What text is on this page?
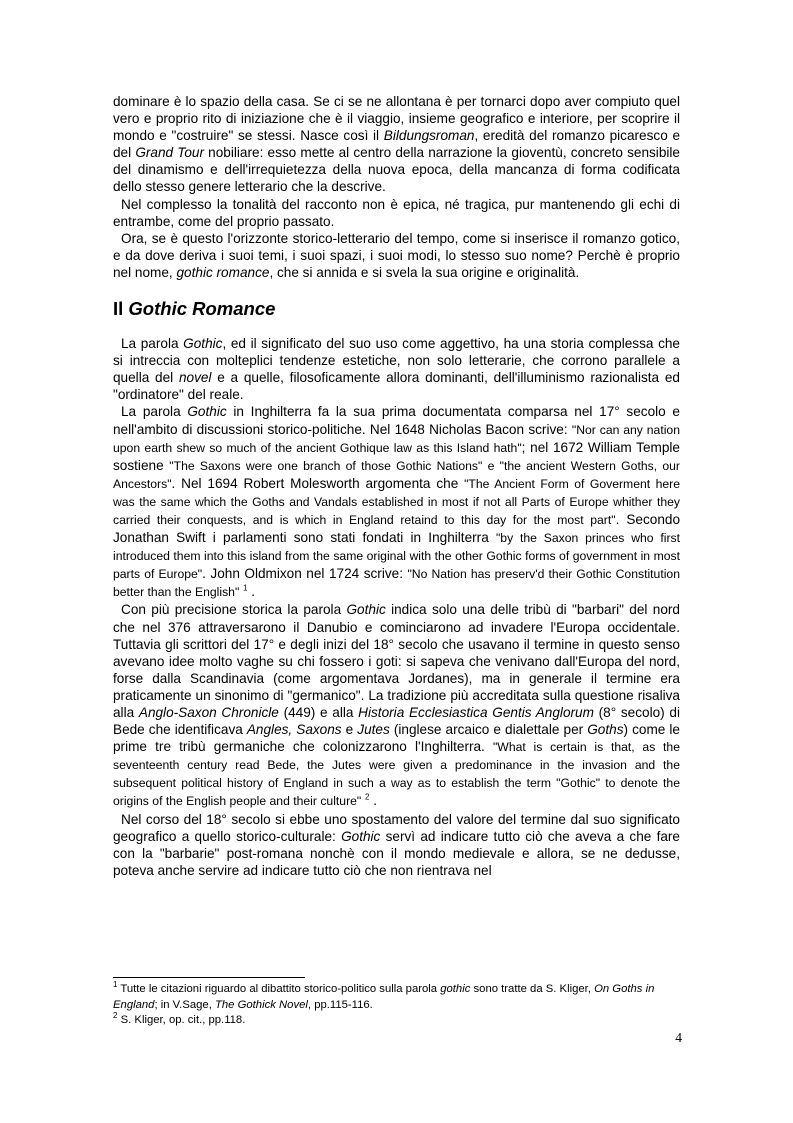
dominare è lo spazio della casa. Se ci se ne allontana è per tornarci dopo aver compiuto quel vero e proprio rito di iniziazione che è il viaggio, insieme geografico e interiore, per scoprire il mondo e "costruire" se stessi. Nasce così il Bildungsroman, eredità del romanzo picaresco e del Grand Tour nobiliare: esso mette al centro della narrazione la gioventù, concreto sensibile del dinamismo e dell'irrequietezza della nuova epoca, della mancanza di forma codificata dello stesso genere letterario che la descrive.

Nel complesso la tonalità del racconto non è epica, né tragica, pur mantenendo gli echi di entrambe, come del proprio passato.

Ora, se è questo l'orizzonte storico-letterario del tempo, come si inserisce il romanzo gotico, e da dove deriva i suoi temi, i suoi spazi, i suoi modi, lo stesso suo nome? Perchè è proprio nel nome, gothic romance, che si annida e si svela la sua origine e originalità.

Il Gothic Romance

La parola Gothic, ed il significato del suo uso come aggettivo, ha una storia complessa che si intreccia con molteplici tendenze estetiche, non solo letterarie, che corrono parallele a quella del novel e a quelle, filosoficamente allora dominanti, dell'illuminismo razionalista ed "ordinatore" del reale.

La parola Gothic in Inghilterra fa la sua prima documentata comparsa nel 17° secolo e nell'ambito di discussioni storico-politiche. Nel 1648 Nicholas Bacon scrive: "Nor can any nation upon earth shew so much of the ancient Gothique law as this Island hath"; nel 1672 William Temple sostiene "The Saxons were one branch of those Gothic Nations" e "the ancient Western Goths, our Ancestors". Nel 1694 Robert Molesworth argomenta che "The Ancient Form of Goverment here was the same which the Goths and Vandals established in most if not all Parts of Europe whither they carried their conquests, and is which in England retaind to this day for the most part". Secondo Jonathan Swift i parlamenti sono stati fondati in Inghilterra "by the Saxon princes who first introduced them into this island from the same original with the other Gothic forms of government in most parts of Europe". John Oldmixon nel 1724 scrive: "No Nation has preserv'd their Gothic Constitution better than the English" $^1$ .

Con più precisione storica la parola Gothic indica solo una delle tribù di "barbari" del nord che nel 376 attraversarono il Danubio e cominciarono ad invadere l'Europa occidentale. Tuttavia gli scrittori del 17° e degli inizi del 18° secolo che usavano il termine in questo senso avevano idee molto vaghe su chi fossero i goti: si sapeva che venivano dall'Europa del nord, forse dalla Scandinavia (come argomentava Jordanes), ma in generale il termine era praticamente un sinonimo di "germanico". La tradizione più accreditata sulla questione risaliva alla Anglo-Saxon Chronicle (449) e alla Historia Ecclesiastica Gentis Anglorum (8° secolo) di Bede che identificava Angles, Saxons e Jutes (inglese arcaico e dialettale per Goths) come le prime tre tribù germaniche che colonizzarono l'Inghilterra. "What is certain is that, as the seventeenth century read Bede, the Jutes were given a predominance in the invasion and the subsequent political history of England in such a way as to establish the term "Gothic" to denote the origins of the English people and their culture" $^2$ .

Nel corso del 18° secolo si ebbe uno spostamento del valore del termine dal suo significato geografico a quello storico-culturale: Gothic servì ad indicare tutto ciò che aveva a che fare con la "barbarie" post-romana nonchè con il mondo medievale e allora, se ne dedusse, poteva anche servire ad indicare tutto ciò che non rientrava nel

$^1$ Tutte le citazioni riguardo al dibattito storico-politico sulla parola gothic sono tratte da S. Kliger, On Goths in England; in V.Sage, The Gothick Novel, pp.115-116.

$^2$ S. Kliger, op. cit., pp.118.

4
